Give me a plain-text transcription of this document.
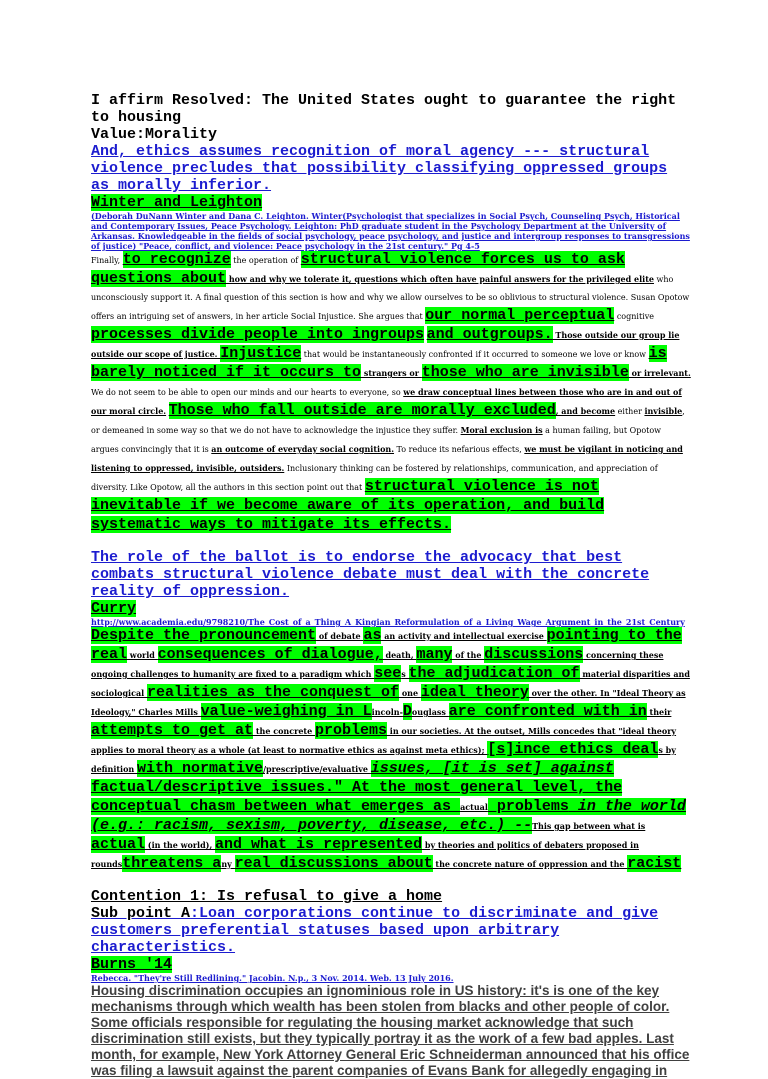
I affirm Resolved: The United States ought to guarantee the right to housing
Value:Morality
And, ethics assumes recognition of moral agency --- structural violence precludes that possibility classifying oppressed groups as morally inferior.
Winter and Leighton
(Deborah DuNann Winter and Dana C. Leighton. Winter(Psychologist that specializes in Social Psych, Counseling Psych, Historical and Contemporary Issues, Peace Psychology. Leighton: PhD graduate student in the Psychology Department at the University of Arkansas. Knowledgeable in the fields of social psychology, peace psychology, and justice and intergroup responses to transgressions of justice) "Peace, conflict, and violence: Peace psychology in the 21st century." Pg 4-5
Finally, to recognize the operation of structural violence forces us to ask questions about how and why we tolerate it, questions which often have painful answers for the privileged elite who unconsciously support it. A final question of this section is how and why we allow ourselves to be so oblivious to structural violence. Susan Opotow offers an intriguing set of answers, in her article Social Injustice. She argues that our normal perceptual cognitive processes divide people into ingroups and outgroups. Those outside our group lie outside our scope of justice. Injustice that would be instantaneously confronted if it occurred to someone we love or know is barely noticed if it occurs to strangers or those who are invisible or irrelevant. We do not seem to be able to open our minds and our hearts to everyone, so we draw conceptual lines between those who are in and out of our moral circle. Those who fall outside are morally excluded, and become either invisible, or demeaned in some way so that we do not have to acknowledge the injustice they suffer. Moral exclusion is a human failing, but Opotow argues convincingly that it is an outcome of everyday social cognition. To reduce its nefarious effects, we must be vigilant in noticing and listening to oppressed, invisible, outsiders. Inclusionary thinking can be fostered by relationships, communication, and appreciation of diversity. Like Opotow, all the authors in this section point out that structural violence is not inevitable if we become aware of its operation, and build systematic ways to mitigate its effects.
The role of the ballot is to endorse the advocacy that best combats structural violence debate must deal with the concrete reality of oppression.
Curry
http://www.academia.edu/9798210/The_Cost_of_a_Thing_A_Kingian_Reformulation_of_a_Living_Wage_Argument_in_the_21st_Century
Despite the pronouncement of debate as an activity and intellectual exercise pointing to the real world consequences of dialogue, death, many of the discussions concerning these ongoing challenges to humanity are fixed to a paradigm which sees the adjudication of material disparities and sociological realities as the conquest of one ideal theory over the other. In "Ideal Theory as Ideology," Charles Mills value-weighing in Lincoln-Douglass are confronted with in their attempts to get at the concrete problems in our societies. At the outset, Mills concedes that "ideal theory applies to moral theory as a whole (at least to normative ethics as against meta ethics); [s]ince ethics deals by definition with normative/prescriptive/evaluative issues, [it is set] against factual/descriptive issues." At the most general level, the conceptual chasm between what emerges as actual problems in the world (e.g.: racism, sexism, poverty, disease, etc.) --This gap between what is actual (in the world), and what is represented by theories and politics of debaters proposed in roundsthreatens any real discussions about the concrete nature of oppression and the racist
Contention 1: Is refusal to give a home
Sub point A:Loan corporations continue to discriminate and give customers preferential statuses based upon arbitrary characteristics.
Burns '14
Rebecca. "They're Still Redlining." Jacobin. N.p., 3 Nov. 2014. Web. 13 July 2016.
Housing discrimination occupies an ignominious role in US history: it's is one of the key mechanisms through which wealth has been stolen from blacks and other people of color. Some officials responsible for regulating the housing market acknowledge that such discrimination still exists, but they typically portray it as the work of a few bad apples. Last month, for example, New York Attorney General Eric Schneiderman announced that his office was filing a lawsuit against the parent companies of Evans Bank for allegedly engaging in
